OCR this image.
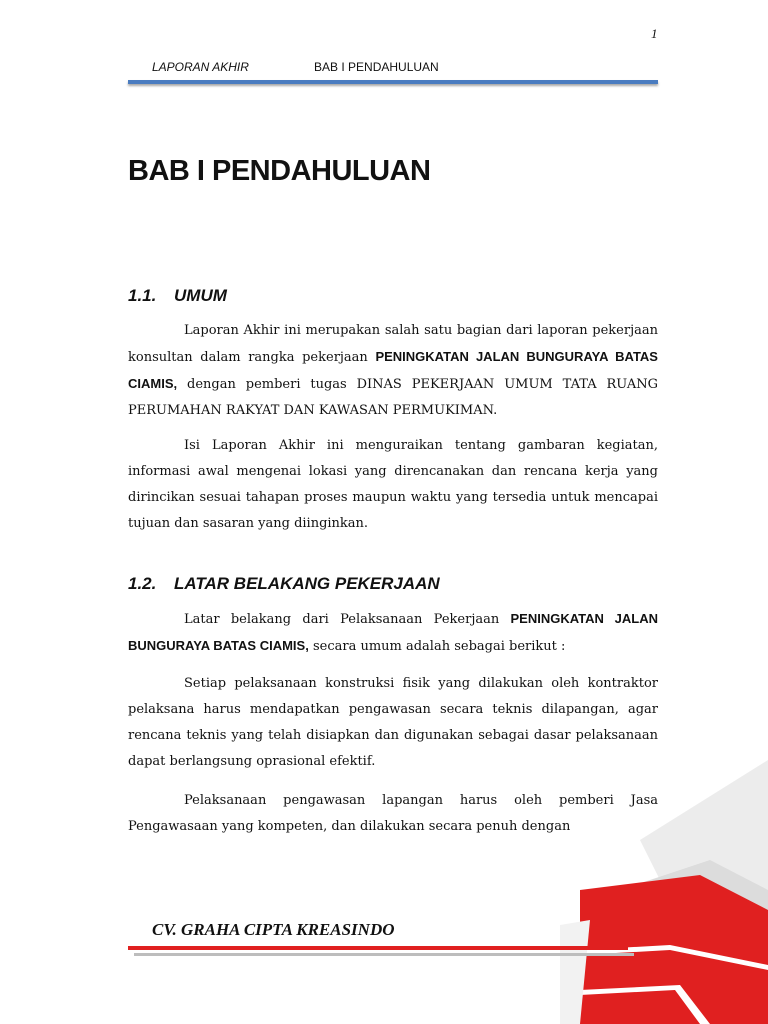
1
LAPORAN AKHIR	BAB I PENDAHULUAN
BAB I PENDAHULUAN
1.1. UMUM
Laporan Akhir ini merupakan salah satu bagian dari laporan pekerjaan konsultan dalam rangka pekerjaan PENINGKATAN JALAN BUNGURAYA BATAS CIAMIS, dengan pemberi tugas DINAS PEKERJAAN UMUM TATA RUANG PERUMAHAN RAKYAT DAN KAWASAN PERMUKIMAN.
Isi Laporan Akhir ini menguraikan tentang gambaran kegiatan, informasi awal mengenai lokasi yang direncanakan dan rencana kerja yang dirincikan sesuai tahapan proses maupun waktu yang tersedia untuk mencapai tujuan dan sasaran yang diinginkan.
1.2. LATAR BELAKANG PEKERJAAN
Latar belakang dari Pelaksanaan Pekerjaan PENINGKATAN JALAN BUNGURAYA BATAS CIAMIS, secara umum adalah sebagai berikut :
Setiap pelaksanaan konstruksi fisik yang dilakukan oleh kontraktor pelaksana harus mendapatkan pengawasan secara teknis dilapangan, agar rencana teknis yang telah disiapkan dan digunakan sebagai dasar pelaksanaan dapat berlangsung oprasional efektif.
Pelaksanaan pengawasan lapangan harus oleh pemberi Jasa Pengawasaan yang kompeten, dan dilakukan secara penuh dengan
CV. GRAHA CIPTA KREASINDO
